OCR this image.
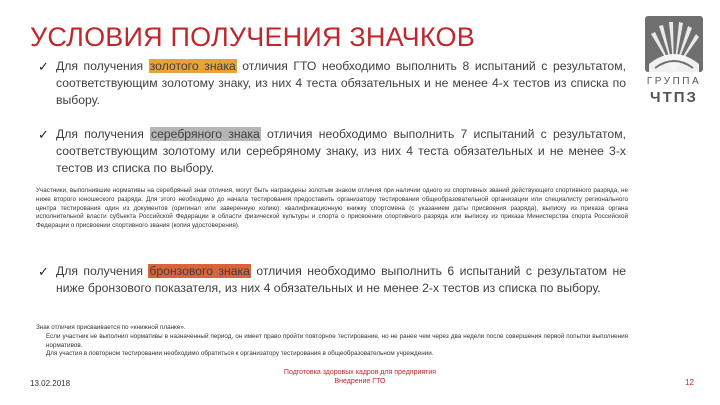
УСЛОВИЯ ПОЛУЧЕНИЯ ЗНАЧКОВ
ГРУППА
ЧТПЗ
✓ Для получения золотого знака отличия ГТО необходимо выполнить 8 испытаний с результатом, соответствующим золотому знаку, из них 4 теста обязательных и не менее 4-х тестов из списка по выбору.
✓ Для получения серебряного знака отличия необходимо выполнить 7 испытаний с результатом, соответствующим золотому или серебряному знаку, из них 4 теста обязательных и не менее 3-х тестов из списка по выбору.
Участники, выполнившие нормативы на серебряный знак отличия, могут быть награждены золотым знаком отличия при наличии одного из спортивных званий действующего спортивного разряда, не ниже второго юношеского разряда. Для этого необходимо до начала тестирования предоставить организатору тестирования общеобразовательной организации или специалисту регионального центра тестирования один из документов (оригинал или заверенную копию): квалификационную книжку спортсмена (с указанием даты присвоения разряда), выписку из приказа органа исполнительной власти субъекта Российской Федерации в области физической культуры и спорта о присвоении спортивного разряда или выписку из приказа Министерства спорта Российской Федерации о присвоении спортивного звания (копия удостоверения).
✓ Для получения бронзового знака отличия необходимо выполнить 6 испытаний с результатом не ниже бронзового показателя, из них 4 обязательных и не менее 2-х тестов из списка по выбору.
Знак отличия присваивается по «книжной планке».
Если участник не выполнил нормативы в назначенный период, он имеет право пройти повторное тестирование, но не ранее чем через два недели после совершения первой попытки выполнения нормативов.
Для участия в повторном тестировании необходимо обратиться к организатору тестирования в общеобразовательном учреждении.
13.02.2018
Подготовка здоровых кадров для предприятия
Внедрение ГТО	12
